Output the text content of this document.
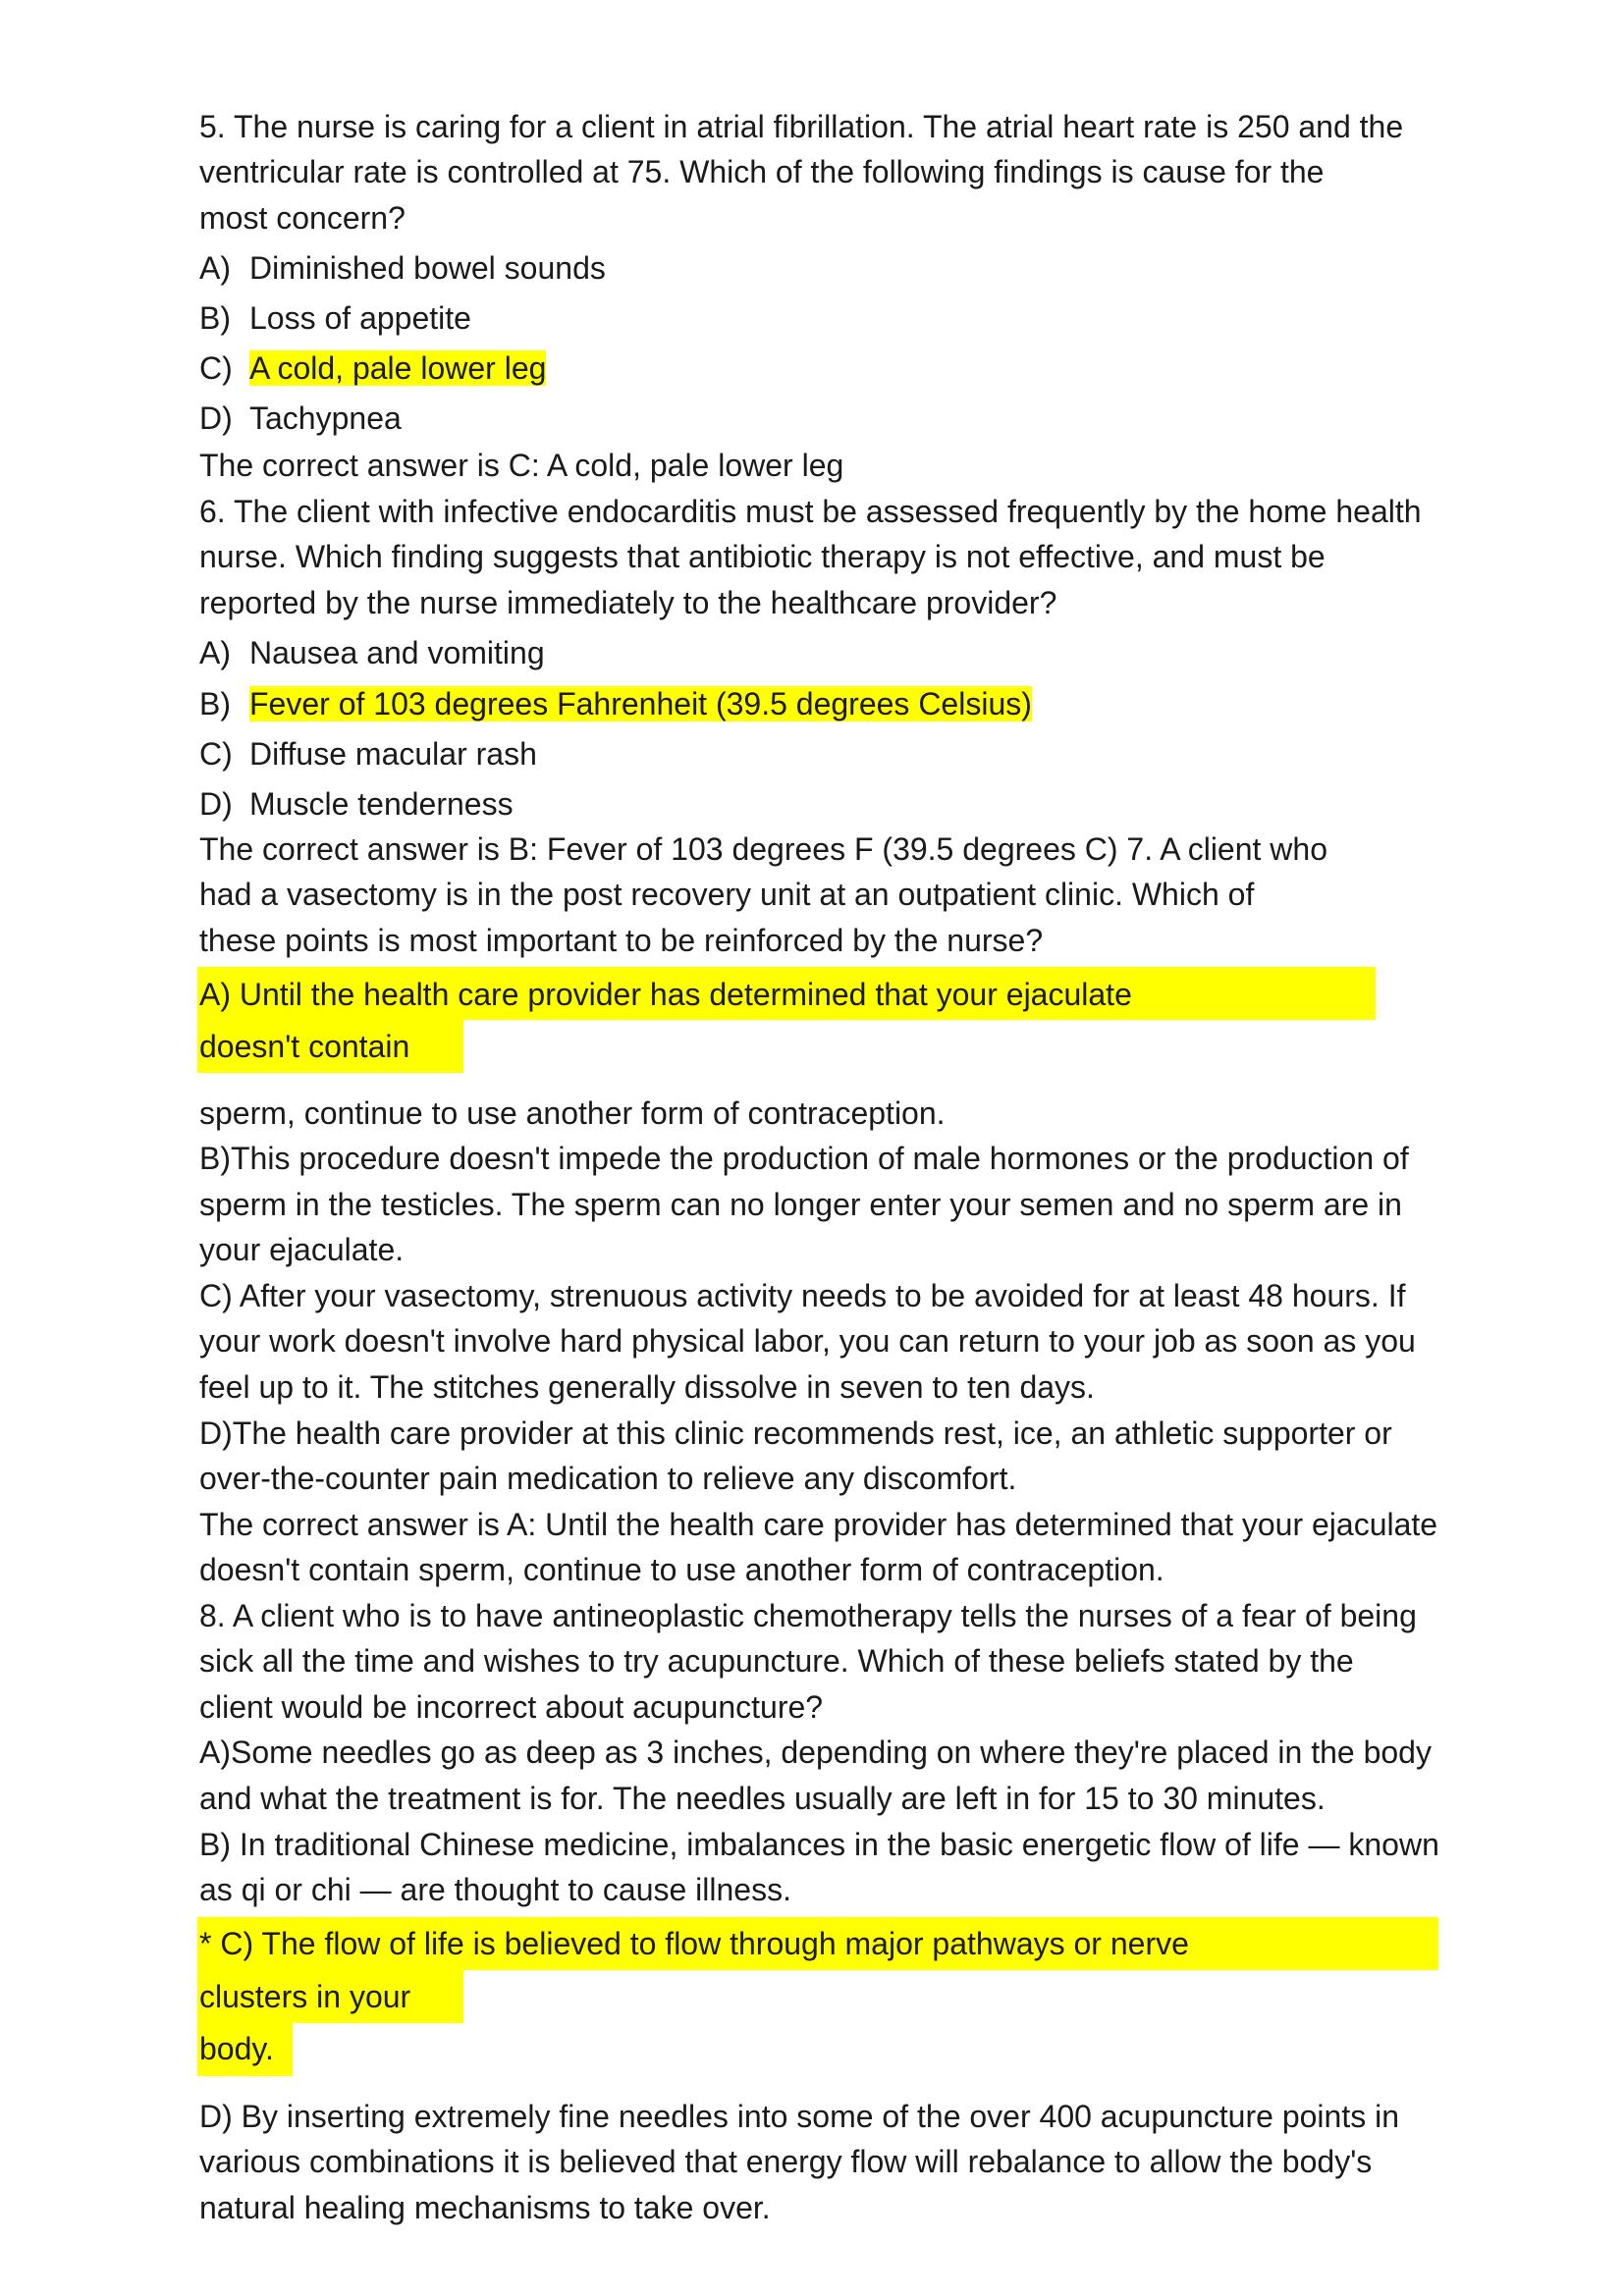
5. The nurse is caring for a client in atrial fibrillation. The atrial heart rate is 250 and the
ventricular rate is controlled at 75. Which of the following findings is cause for the
most concern?
A) Diminished bowel sounds
B) Loss of appetite
C) A cold, pale lower leg
D) Tachypnea
The correct answer is C: A cold, pale lower leg
6. The client with infective endocarditis must be assessed frequently by the home health
nurse. Which finding suggests that antibiotic therapy is not effective, and must be
reported by the nurse immediately to the healthcare provider?
A) Nausea and vomiting
B) Fever of 103 degrees Fahrenheit (39.5 degrees Celsius)
C) Diffuse macular rash
D) Muscle tenderness
The correct answer is B: Fever of 103 degrees F (39.5 degrees C) 7. A client who
had a vasectomy is in the post recovery unit at an outpatient clinic. Which of
these points is most important to be reinforced by the nurse?
A) Until the health care provider has determined that your ejaculate
doesn't contain
sperm, continue to use another form of contraception.
B)This procedure doesn't impede the production of male hormones or the production of
sperm in the testicles. The sperm can no longer enter your semen and no sperm are in
your ejaculate.
C) After your vasectomy, strenuous activity needs to be avoided for at least 48 hours. If
your work doesn't involve hard physical labor, you can return to your job as soon as you
feel up to it. The stitches generally dissolve in seven to ten days.
D)The health care provider at this clinic recommends rest, ice, an athletic supporter or
over-the-counter pain medication to relieve any discomfort.
The correct answer is A: Until the health care provider has determined that your ejaculate
doesn't contain sperm, continue to use another form of contraception.
8. A client who is to have antineoplastic chemotherapy tells the nurses of a fear of being
sick all the time and wishes to try acupuncture. Which of these beliefs stated by the
client would be incorrect about acupuncture?
A)Some needles go as deep as 3 inches, depending on where they're placed in the body
and what the treatment is for. The needles usually are left in for 15 to 30 minutes.
B) In traditional Chinese medicine, imbalances in the basic energetic flow of life — known
as qi or chi — are thought to cause illness.
* C) The flow of life is believed to flow through major pathways or nerve
clusters in your
body.
D) By inserting extremely fine needles into some of the over 400 acupuncture points in
various combinations it is believed that energy flow will rebalance to allow the body's
natural healing mechanisms to take over.
